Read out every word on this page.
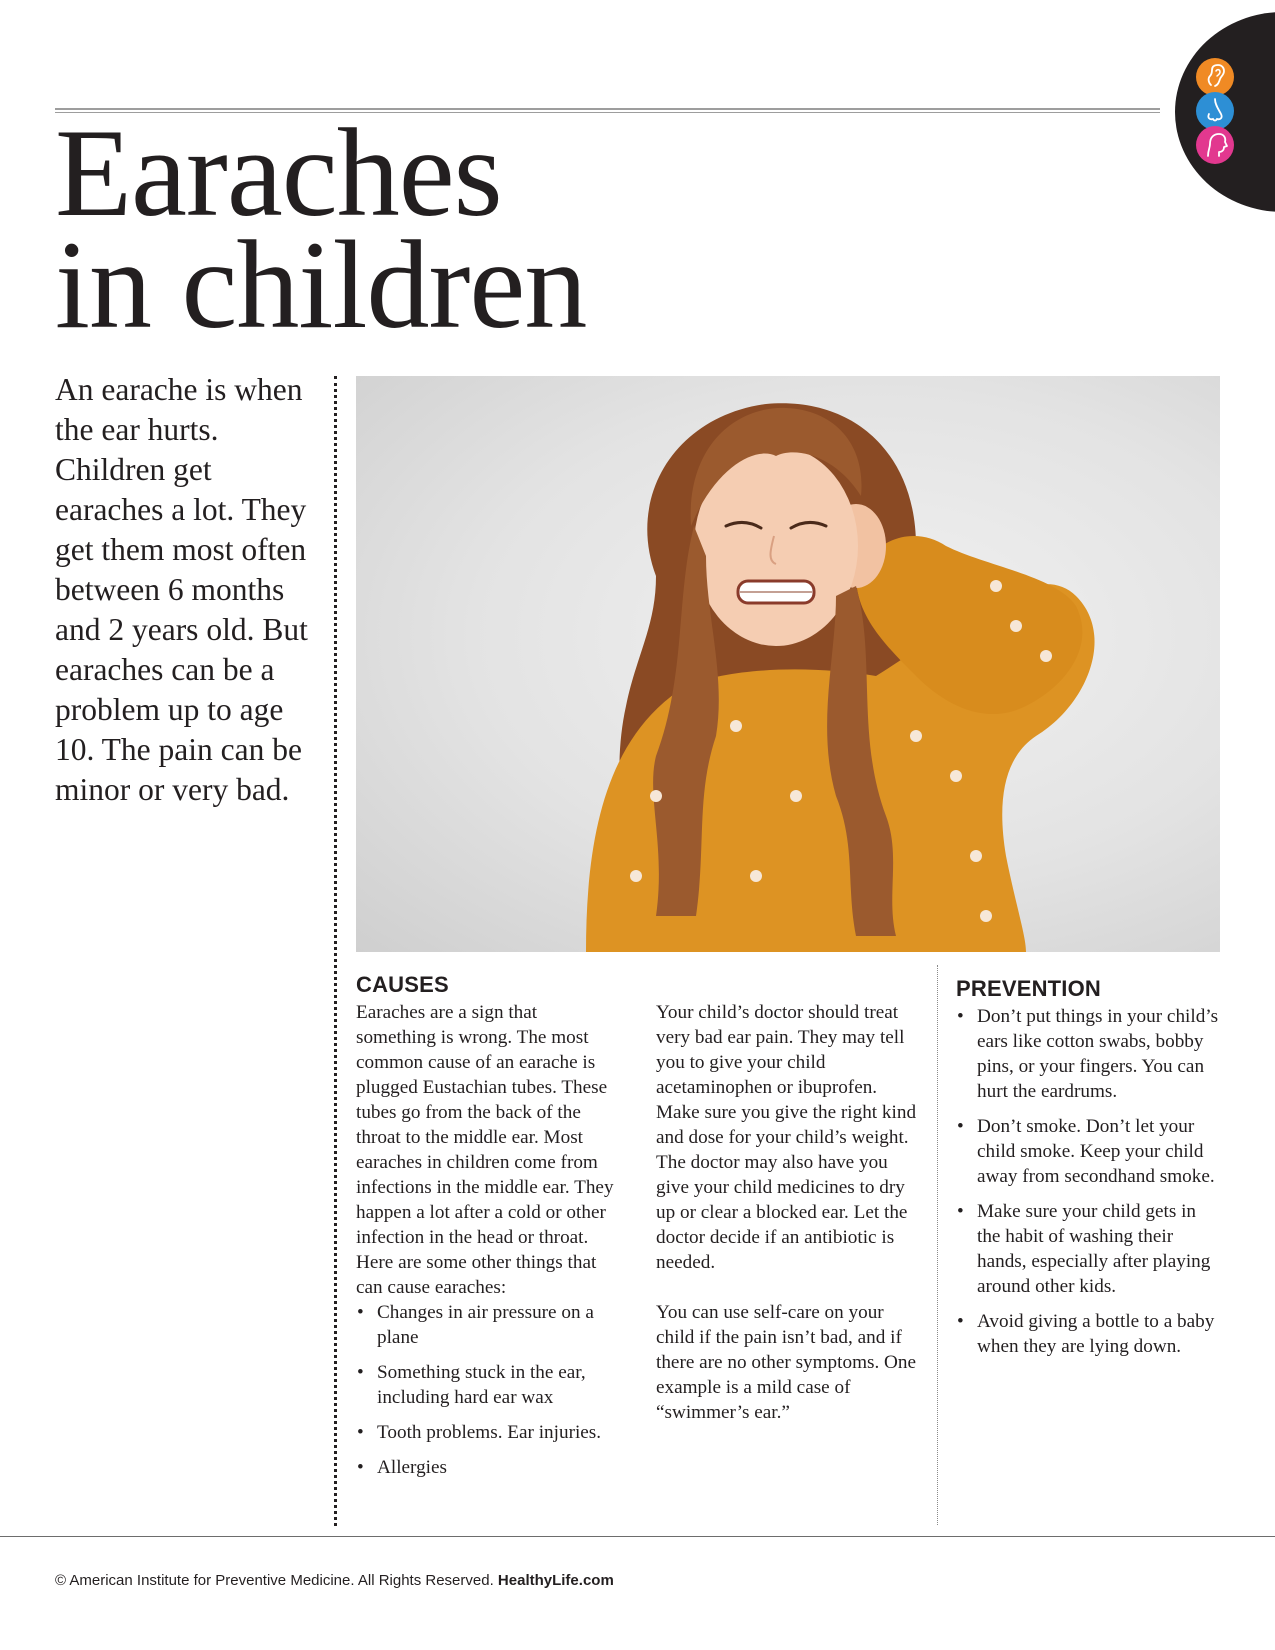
Earaches
in children

An earache is when the ear hurts. Children get earaches a lot. They get them most often between 6 months and 2 years old. But earaches can be a problem up to age 10. The pain can be minor or very bad.

CAUSES

Earaches are a sign that something is wrong. The most common cause of an earache is plugged Eustachian tubes. These tubes go from the back of the throat to the middle ear. Most earaches in children come from infections in the middle ear. They happen a lot after a cold or other infection in the head or throat. Here are some other things that can cause earaches:

• Changes in air pressure on a plane
• Something stuck in the ear, including hard ear wax
• Tooth problems. Ear injuries.
• Allergies

Your child’s doctor should treat very bad ear pain. They may tell you to give your child acetaminophen or ibuprofen. Make sure you give the right kind and dose for your child’s weight. The doctor may also have you give your child medicines to dry up or clear a blocked ear. Let the doctor decide if an antibiotic is needed.

You can use self-care on your child if the pain isn’t bad, and if there are no other symptoms. One example is a mild case of “swimmer’s ear.”

PREVENTION
• Don’t put things in your child’s ears like cotton swabs, bobby pins, or your fingers. You can hurt the eardrums.
• Don’t smoke. Don’t let your child smoke. Keep your child away from secondhand smoke.
• Make sure your child gets in the habit of washing their hands, especially after playing around other kids.
• Avoid giving a bottle to a baby when they are lying down.
© American Institute for Preventive Medicine. All Rights Reserved. HealthyLife.com
